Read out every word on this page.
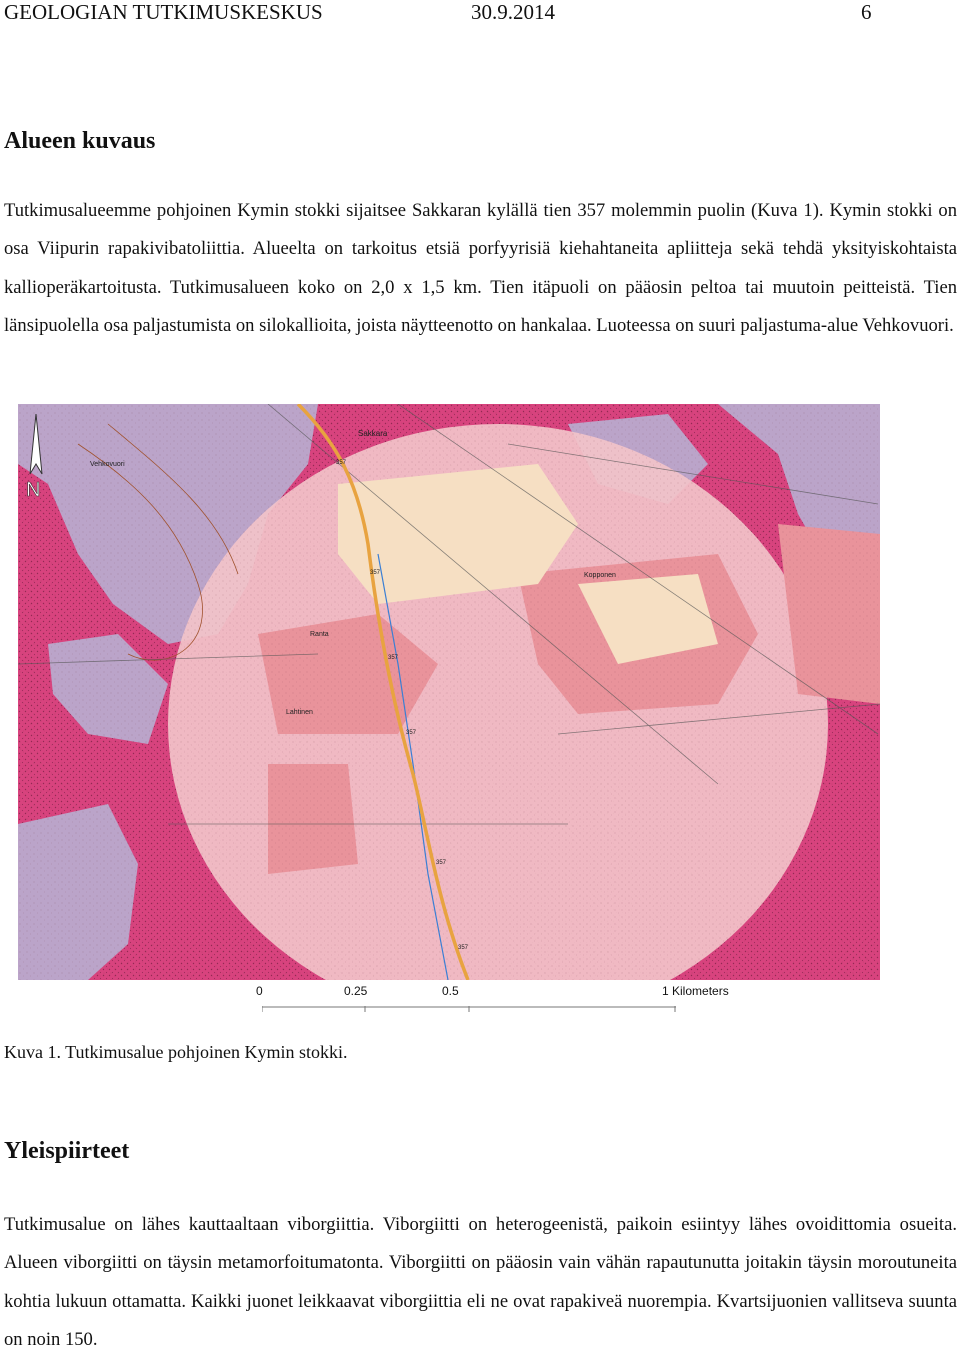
GEOLOGIAN TUTKIMUSKESKUS	30.9.2014	6
Alueen kuvaus

Tutkimusalueemme pohjoinen Kymin stokki sijaitsee Sakkaran kylällä tien 357 molemmin puolin (Kuva 1). Kymin stokki on osa Viipurin rapakivibatoliittia. Alueelta on tarkoitus etsiä porfyyrisiä kiehahtaneita apliitteja sekä tehdä yksityiskohtaista kallioperäkartoitusta. Tutkimusalueen koko on 2,0 x 1,5 km. Tien itäpuoli on pääosin peltoa tai muutoin peitteistä. Tien länsipuolella osa paljastumista on silokallioita, joista näytteenotto on hankalaa. Luoteessa on suuri paljastuma-alue Vehkovuori.

Sakkara
Vehkovuori
Kopponen
Ranta
Lahtinen
357
357
357
357
357
357
N
0	0.25	0.5	1 Kilometers
Kuva 1. Tutkimusalue pohjoinen Kymin stokki.
Yleispiirteet

Tutkimusalue on lähes kauttaaltaan viborgiittia. Viborgiitti on heterogeenistä, paikoin esiintyy lähes ovoidittomia osueita. Alueen viborgiitti on täysin metamorfoitumatonta. Viborgiitti on pääosin vain vähän rapautunutta joitakin täysin moroutuneita kohtia lukuun ottamatta. Kaikki juonet leikkaavat viborgiittia eli ne ovat rapakiveä nuorempia. Kvartsijuonien vallitseva suunta on noin 150.
